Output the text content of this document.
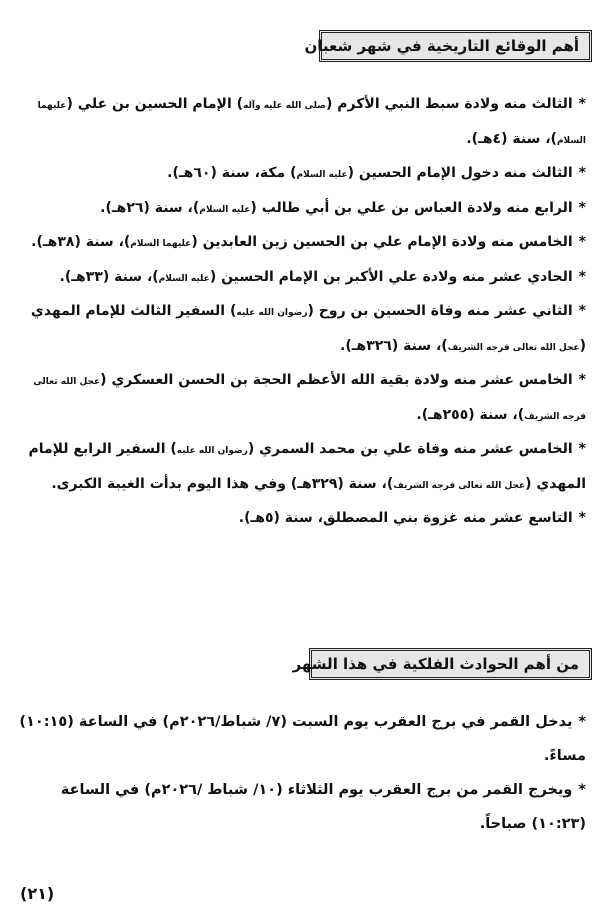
أهم الوقائع التاريخية في شهر شعبان
*الثالث منه ولادة سبط النبي الأكرم (صلى الله عليه وآله) الإمام الحسين بن علي (عليهما السلام)، سنة (٤هـ).
*الثالث منه دخول الإمام الحسين (عليه السلام) مكة، سنة (٦٠هـ).
*الرابع منه ولادة العباس بن علي بن أبي طالب (عليه السلام)، سنة (٢٦هـ).
*الخامس منه ولادة الإمام علي بن الحسين زين العابدين (عليهما السلام)، سنة (٣٨هـ).
*الحادي عشر منه ولادة علي الأكبر بن الإمام الحسين (عليه السلام)، سنة (٣٣هـ).
*الثاني عشر منه وفاة الحسين بن روح (رضوان الله عليه) السفير الثالث للإمام المهدي (عجل الله تعالى فرجه الشريف)، سنة (٣٢٦هـ).
*الخامس عشر منه ولادة بقية الله الأعظم الحجة بن الحسن العسكري (عجل الله تعالى فرجه الشريف)، سنة (٢٥٥هـ).
*الخامس عشر منه وفاة علي بن محمد السمري (رضوان الله عليه) السفير الرابع للإمام المهدي (عجل الله تعالى فرجه الشريف)، سنة (٣٢٩هـ) وفي هذا اليوم بدأت الغيبة الكبرى.
*التاسع عشر منه غزوة بني المصطلق، سنة (٥هـ).
من أهم الحوادث الفلكية في هذا الشهر
*يدخل القمر في برج العقرب يوم السبت (٧/ شباط/٢٠٢٦م) في الساعة (١٠:١٥) مساءً.
*ويخرج القمر من برج العقرب يوم الثلاثاء (١٠/ شباط /٢٠٢٦م) في الساعة (١٠:٢٣) صباحاً.
(٢١)
